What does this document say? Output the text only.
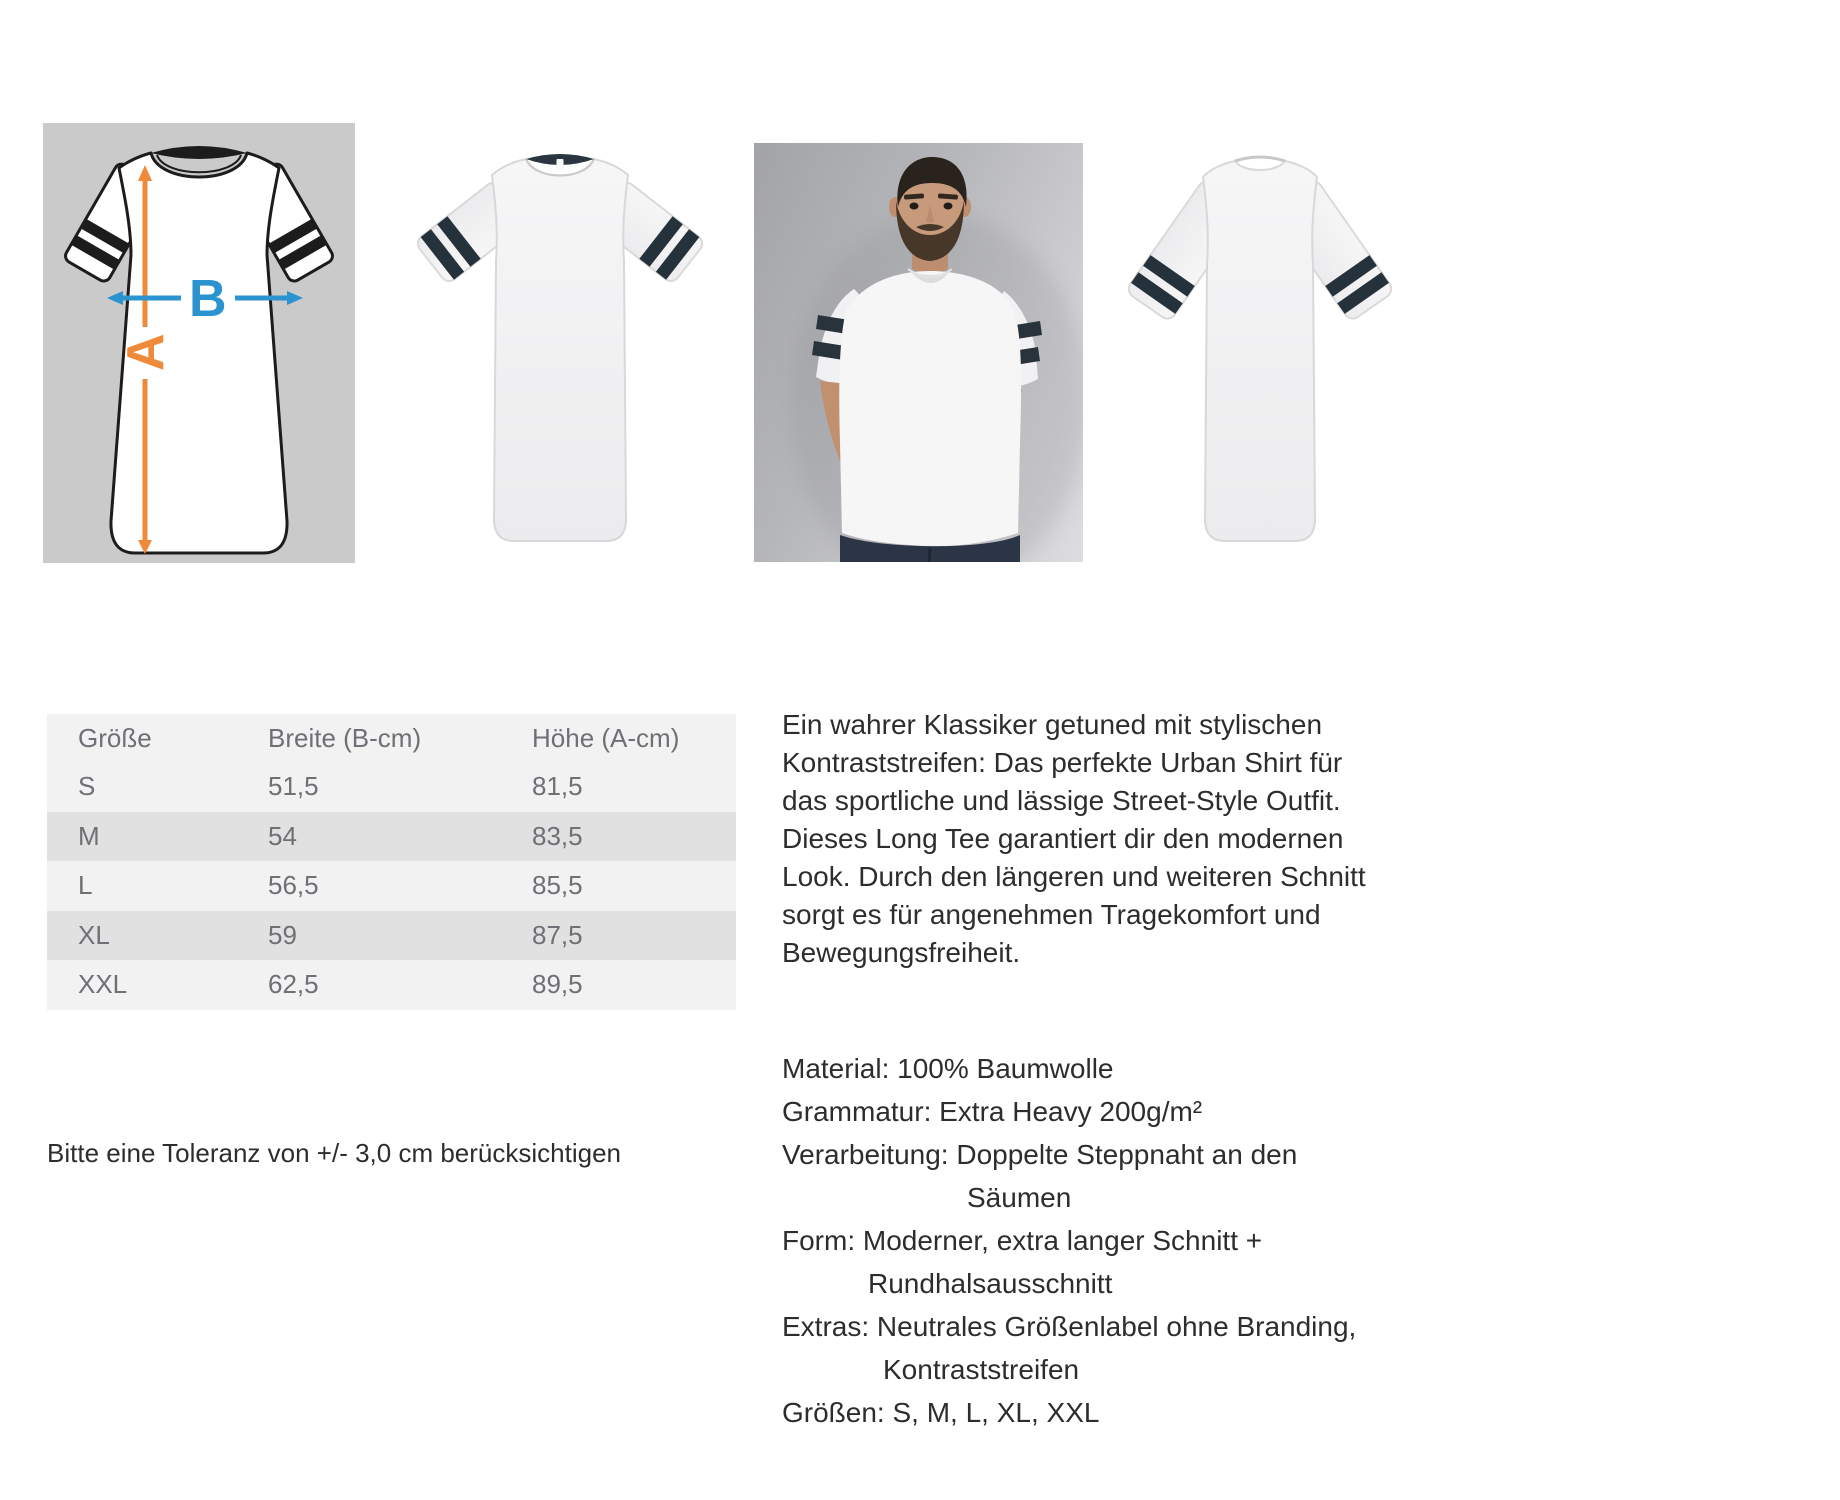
A
B
Größe	Breite (B-cm)	Höhe (A-cm)
S	51,5	81,5
M	54	83,5
L	56,5	85,5
XL	59	87,5
XXL	62,5	89,5
Bitte eine Toleranz von +/- 3,0 cm berücksichtigen
Ein wahrer Klassiker getuned mit stylischen
Kontraststreifen: Das perfekte Urban Shirt für
das sportliche und lässige Street-Style Outfit.
Dieses Long Tee garantiert dir den modernen
Look. Durch den längeren und weiteren Schnitt
sorgt es für angenehmen Tragekomfort und
Bewegungsfreiheit.
Material: 100% Baumwolle
Grammatur: Extra Heavy 200g/m²
Verarbeitung: Doppelte Steppnaht an den
Säumen
Form: Moderner, extra langer Schnitt +
Rundhalsausschnitt
Extras: Neutrales Größenlabel ohne Branding,
Kontraststreifen
Größen: S, M, L, XL, XXL
